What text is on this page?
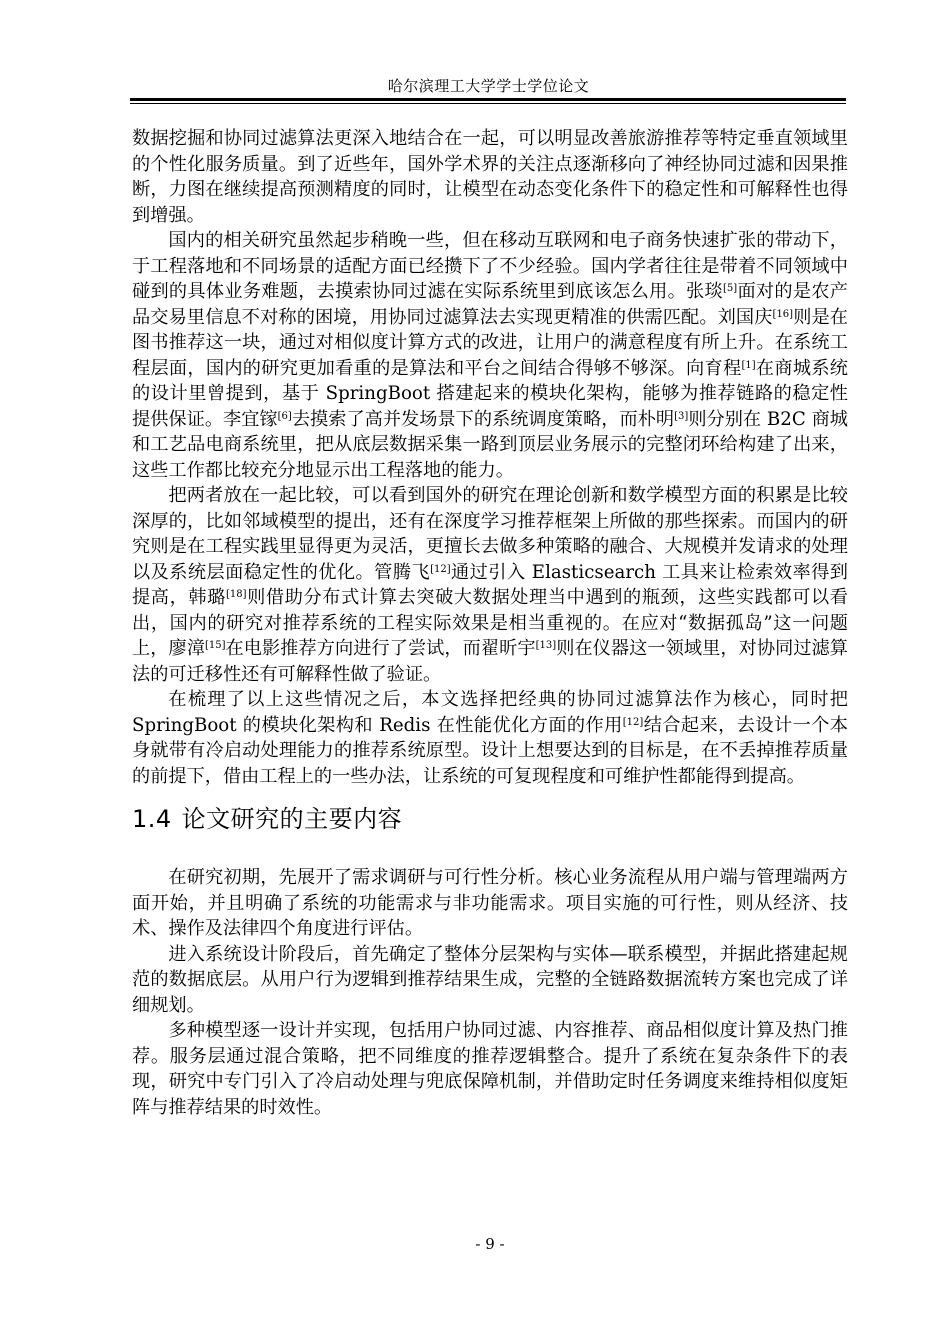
哈尔滨理工大学学士学位论文

数据挖掘和协同过滤算法更深入地结合在一起，可以明显改善旅游推荐等特定垂直领域里的个性化服务质量。到了近些年，国外学术界的关注点逐渐移向了神经协同过滤和因果推断，力图在继续提高预测精度的同时，让模型在动态变化条件下的稳定性和可解释性也得到增强。

国内的相关研究虽然起步稍晚一些，但在移动互联网和电子商务快速扩张的带动下，于工程落地和不同场景的适配方面已经攒下了不少经验。国内学者往往是带着不同领域中碰到的具体业务难题，去摸索协同过滤在实际系统里到底该怎么用。张琰[5]面对的是农产品交易里信息不对称的困境，用协同过滤算法去实现更精准的供需匹配。刘国庆[16]则是在图书推荐这一块，通过对相似度计算方式的改进，让用户的满意程度有所上升。在系统工程层面，国内的研究更加看重的是算法和平台之间结合得够不够深。向育程[1]在商城系统的设计里曾提到，基于 SpringBoot 搭建起来的模块化架构，能够为推荐链路的稳定性提供保证。李宜镓[6]去摸索了高并发场景下的系统调度策略，而朴明[3]则分别在 B2C 商城和工艺品电商系统里，把从底层数据采集一路到顶层业务展示的完整闭环给构建了出来，这些工作都比较充分地显示出工程落地的能力。

把两者放在一起比较，可以看到国外的研究在理论创新和数学模型方面的积累是比较深厚的，比如邻域模型的提出，还有在深度学习推荐框架上所做的那些探索。而国内的研究则是在工程实践里显得更为灵活，更擅长去做多种策略的融合、大规模并发请求的处理以及系统层面稳定性的优化。管腾飞[12]通过引入 Elasticsearch 工具来让检索效率得到提高，韩璐[18]则借助分布式计算去突破大数据处理当中遇到的瓶颈，这些实践都可以看出，国内的研究对推荐系统的工程实际效果是相当重视的。在应对“数据孤岛”这一问题上，廖漳[15]在电影推荐方向进行了尝试，而翟昕宇[13]则在仪器这一领域里，对协同过滤算法的可迁移性还有可解释性做了验证。

在梳理了以上这些情况之后，本文选择把经典的协同过滤算法作为核心，同时把 SpringBoot 的模块化架构和 Redis 在性能优化方面的作用[12]结合起来，去设计一个本身就带有冷启动处理能力的推荐系统原型。设计上想要达到的目标是，在不丢掉推荐质量的前提下，借由工程上的一些办法，让系统的可复现程度和可维护性都能得到提高。

1.4 论文研究的主要内容

在研究初期，先展开了需求调研与可行性分析。核心业务流程从用户端与管理端两方面开始，并且明确了系统的功能需求与非功能需求。项目实施的可行性，则从经济、技术、操作及法律四个角度进行评估。

进入系统设计阶段后，首先确定了整体分层架构与实体—联系模型，并据此搭建起规范的数据底层。从用户行为逻辑到推荐结果生成，完整的全链路数据流转方案也完成了详细规划。

多种模型逐一设计并实现，包括用户协同过滤、内容推荐、商品相似度计算及热门推荐。服务层通过混合策略，把不同维度的推荐逻辑整合。提升了系统在复杂条件下的表现，研究中专门引入了冷启动处理与兜底保障机制，并借助定时任务调度来维持相似度矩阵与推荐结果的时效性。

- 9 -
